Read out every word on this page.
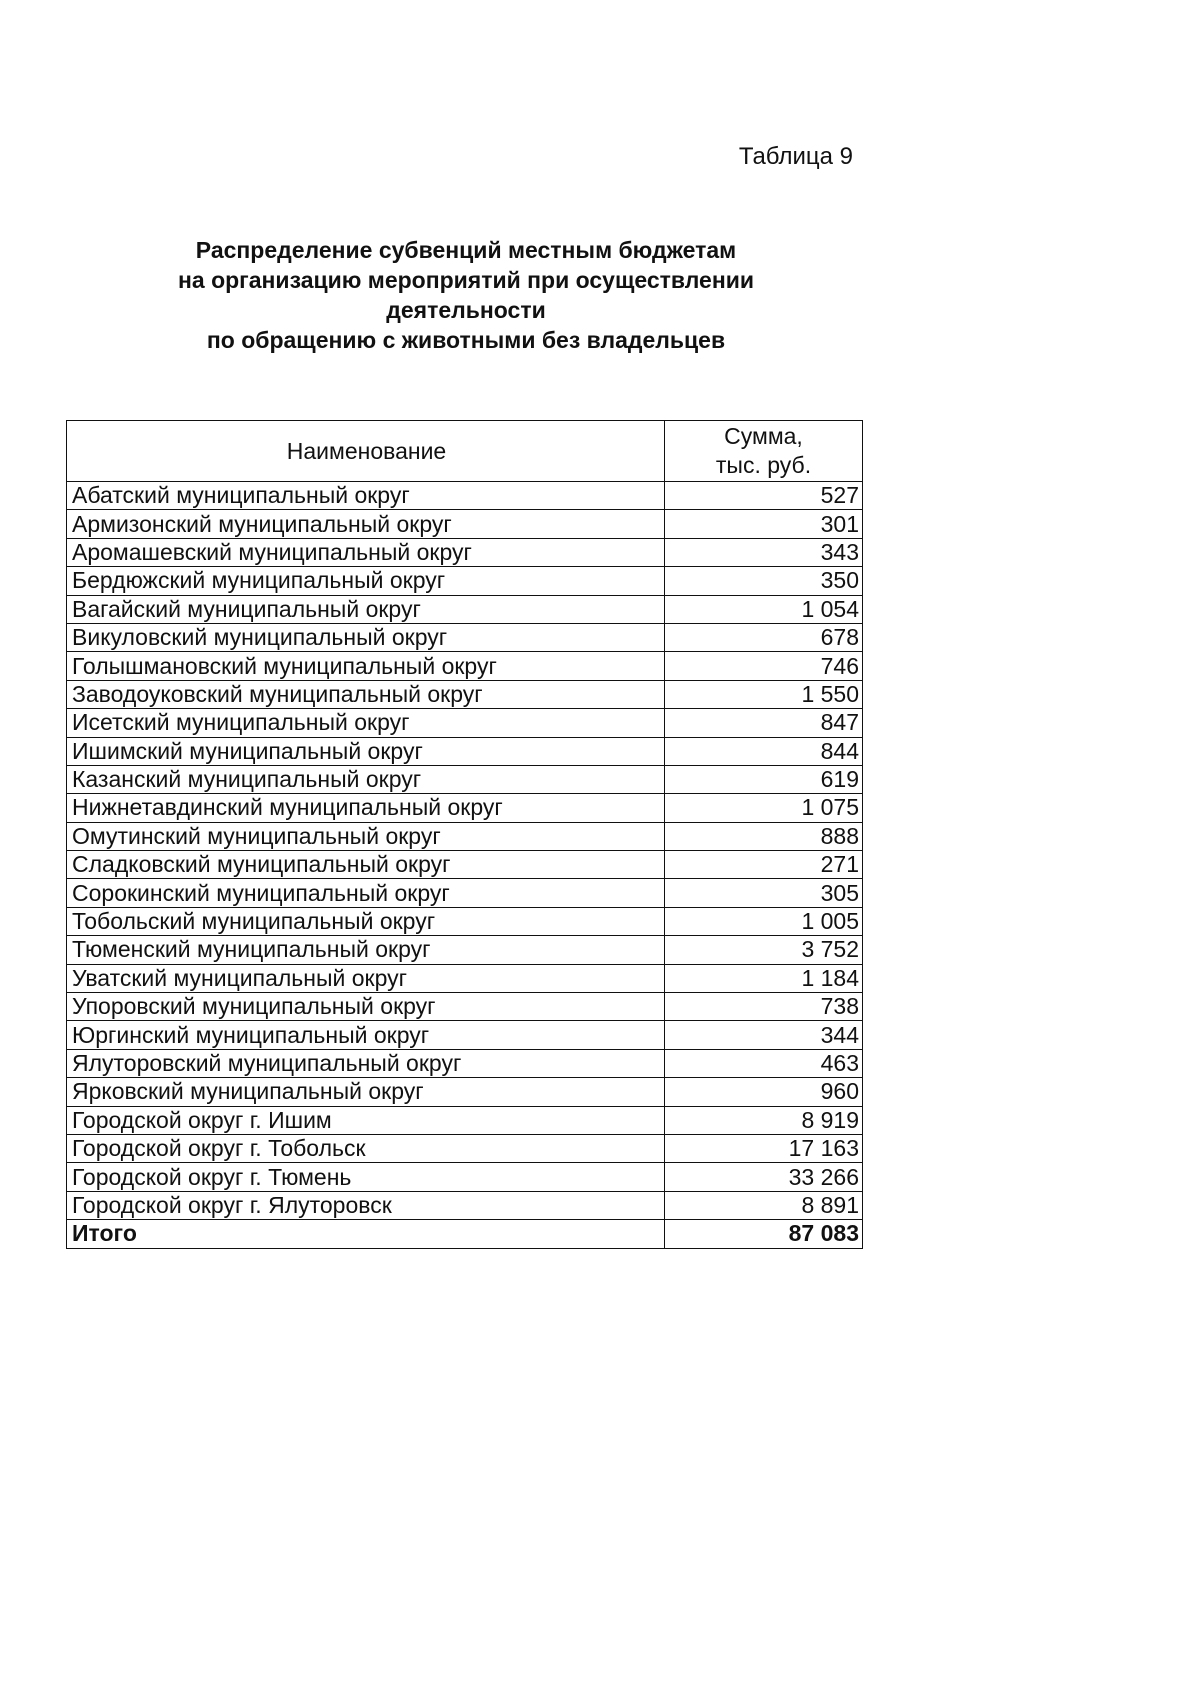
Таблица 9
Распределение субвенций местным бюджетам
на организацию мероприятий при осуществлении
деятельности
по обращению с животными без владельцев
Наименование	Сумма,
тыс. руб.

Абатский муниципальный округ	527
Армизонский муниципальный округ	301
Аромашевский муниципальный округ	343
Бердюжский муниципальный округ	350
Вагайский муниципальный округ	1 054
Викуловский муниципальный округ	678
Голышмановский муниципальный округ	746
Заводоуковский муниципальный округ	1 550
Исетский муниципальный округ	847
Ишимский муниципальный округ	844
Казанский муниципальный округ	619
Нижнетавдинский муниципальный округ	1 075
Омутинский муниципальный округ	888
Сладковский муниципальный округ	271
Сорокинский муниципальный округ	305
Тобольский муниципальный округ	1 005
Тюменский муниципальный округ	3 752
Уватский муниципальный округ	1 184
Упоровский муниципальный округ	738
Юргинский муниципальный округ	344
Ялуторовский муниципальный округ	463
Ярковский муниципальный округ	960
Городской округ г. Ишим	8 919
Городской округ г. Тобольск	17 163
Городской округ г. Тюмень	33 266
Городской округ г. Ялуторовск	8 891
Итого	87 083
